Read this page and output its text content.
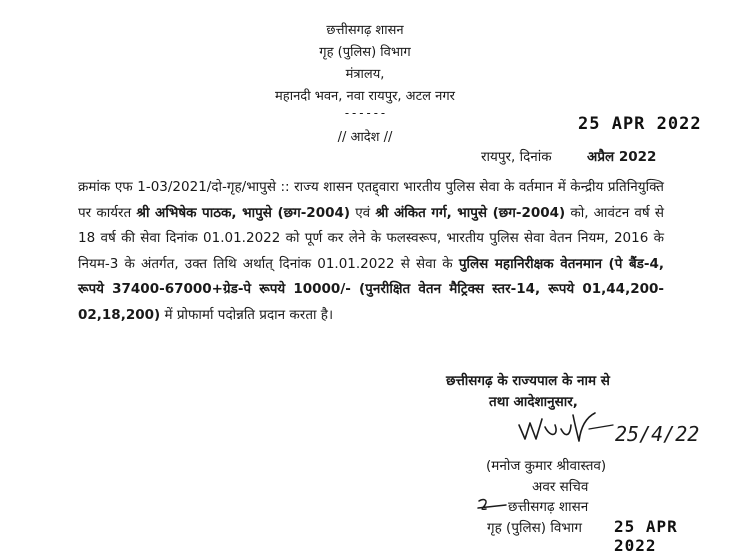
छत्तीसगढ़ शासन
गृह (पुलिस) विभाग
मंत्रालय,
महानदी भवन, नवा रायपुर, अटल नगर
------
// आदेश //
25 APR 2022
रायपुर, दिनांक	अप्रैल 2022
क्रमांक एफ 1-03/2021/दो-गृह/भापुसे :: राज्य शासन एतद्द्वारा भारतीय पुलिस सेवा के वर्तमान में केन्द्रीय प्रतिनियुक्ति पर कार्यरत श्री अभिषेक पाठक, भापुसे (छग-2004) एवं श्री अंकित गर्ग, भापुसे (छग-2004) को, आवंटन वर्ष से 18 वर्ष की सेवा दिनांक 01.01.2022 को पूर्ण कर लेने के फलस्वरूप, भारतीय पुलिस सेवा वेतन नियम, 2016 के नियम-3 के अंतर्गत, उक्त तिथि अर्थात् दिनांक 01.01.2022 से सेवा के पुलिस महानिरीक्षक वेतनमान (पे बैंड-4, रूपये 37400-67000+ग्रेड-पे रूपये 10000/- (पुनरीक्षित वेतन मैट्रिक्स स्तर-14, रूपये 01,44,200-02,18,200) में प्रोफार्मा पदोन्नति प्रदान करता है।
छत्तीसगढ़ के राज्यपाल के नाम से
तथा आदेशानुसार,
25/4/22
(मनोज कुमार श्रीवास्तव)
अवर सचिव
छत्तीसगढ़ शासन
गृह (पुलिस) विभाग 25 APR 2022
